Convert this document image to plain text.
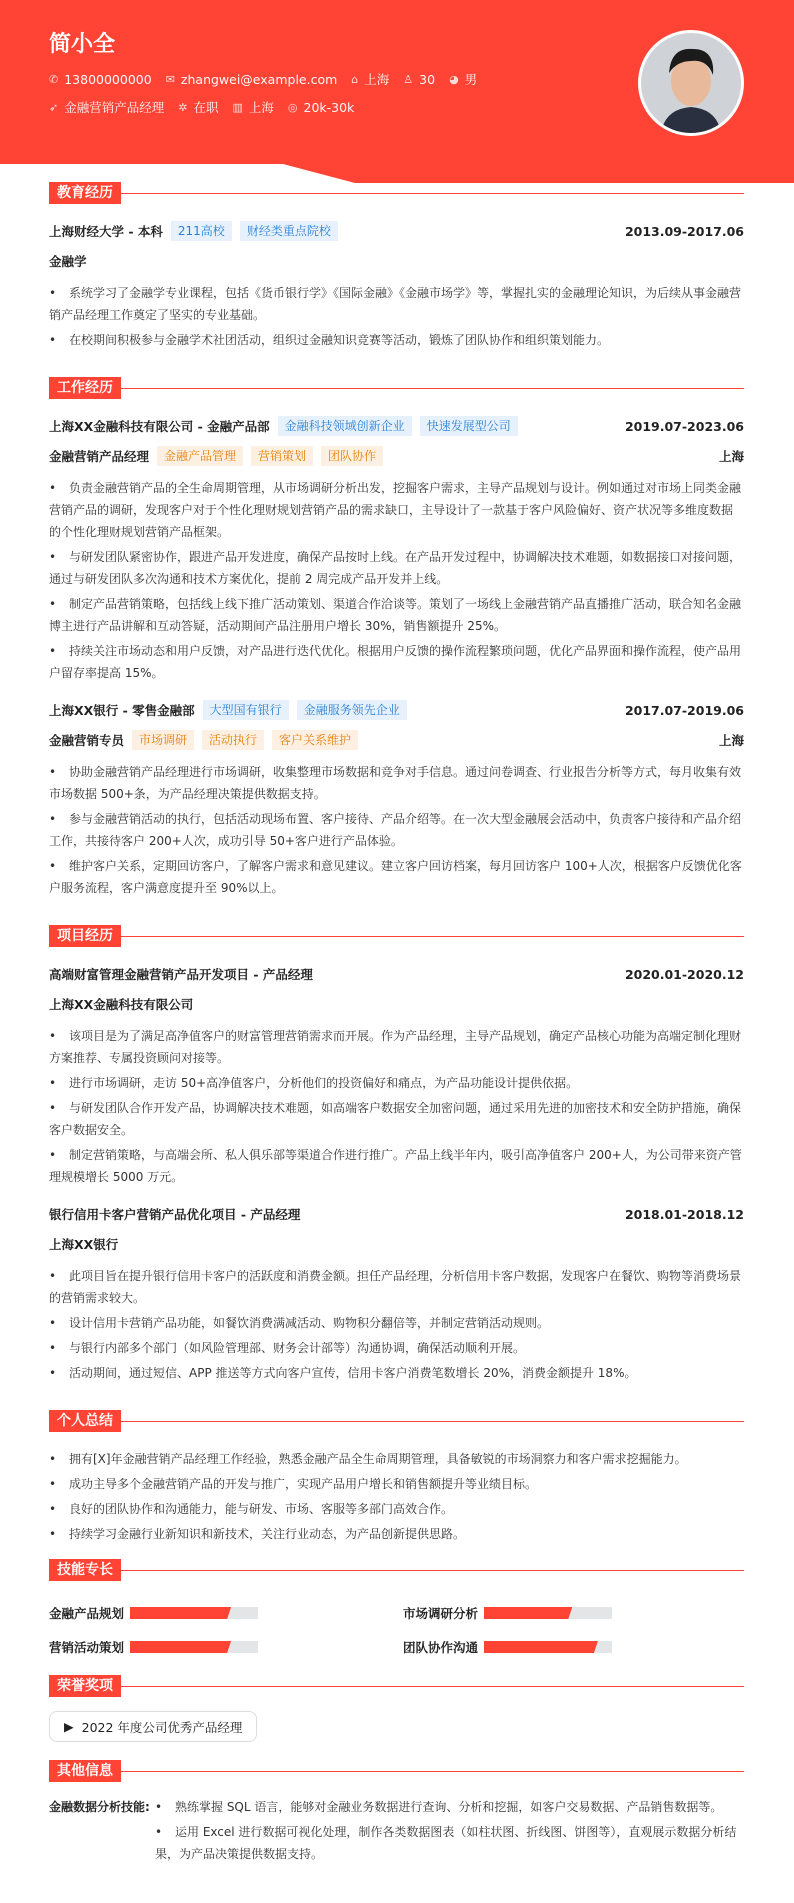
简小全
✆ 13800000000 ✉ zhangwei@example.com ⌂ 上海 ♙ 30 ◕ 男
➶ 金融营销产品经理 ✲ 在职 ▥ 上海 ◎ 20k-30k
教育经历
上海财经大学 - 本科	211高校	财经类重点院校	2013.09-2017.06
金融学
• 系统学习了金融学专业课程，包括《货币银行学》《国际金融》《金融市场学》等，掌握扎实的金融理论知识，为后续从事金融营销产品经理工作奠定了坚实的专业基础。
• 在校期间积极参与金融学术社团活动，组织过金融知识竞赛等活动，锻炼了团队协作和组织策划能力。
工作经历
上海XX金融科技有限公司 - 金融产品部	金融科技领域创新企业	快速发展型公司	2019.07-2023.06
金融营销产品经理	金融产品管理	营销策划	团队协作	上海
• 负责金融营销产品的全生命周期管理，从市场调研分析出发，挖掘客户需求，主导产品规划与设计。例如通过对市场上同类金融营销产品的调研，发现客户对于个性化理财规划营销产品的需求缺口，主导设计了一款基于客户风险偏好、资产状况等多维度数据的个性化理财规划营销产品框架。
• 与研发团队紧密协作，跟进产品开发进度，确保产品按时上线。在产品开发过程中，协调解决技术难题，如数据接口对接问题，通过与研发团队多次沟通和技术方案优化，提前 2 周完成产品开发并上线。
• 制定产品营销策略，包括线上线下推广活动策划、渠道合作洽谈等。策划了一场线上金融营销产品直播推广活动，联合知名金融博主进行产品讲解和互动答疑，活动期间产品注册用户增长 30%，销售额提升 25%。
• 持续关注市场动态和用户反馈，对产品进行迭代优化。根据用户反馈的操作流程繁琐问题，优化产品界面和操作流程，使产品用户留存率提高 15%。
上海XX银行 - 零售金融部	大型国有银行	金融服务领先企业	2017.07-2019.06
金融营销专员	市场调研	活动执行	客户关系维护	上海
• 协助金融营销产品经理进行市场调研，收集整理市场数据和竞争对手信息。通过问卷调查、行业报告分析等方式，每月收集有效市场数据 500+条，为产品经理决策提供数据支持。
• 参与金融营销活动的执行，包括活动现场布置、客户接待、产品介绍等。在一次大型金融展会活动中，负责客户接待和产品介绍工作，共接待客户 200+人次，成功引导 50+客户进行产品体验。
• 维护客户关系，定期回访客户，了解客户需求和意见建议。建立客户回访档案，每月回访客户 100+人次，根据客户反馈优化客户服务流程，客户满意度提升至 90%以上。
项目经历
高端财富管理金融营销产品开发项目 - 产品经理	2020.01-2020.12
上海XX金融科技有限公司
• 该项目是为了满足高净值客户的财富管理营销需求而开展。作为产品经理，主导产品规划，确定产品核心功能为高端定制化理财方案推荐、专属投资顾问对接等。
• 进行市场调研，走访 50+高净值客户，分析他们的投资偏好和痛点，为产品功能设计提供依据。
• 与研发团队合作开发产品，协调解决技术难题，如高端客户数据安全加密问题，通过采用先进的加密技术和安全防护措施，确保客户数据安全。
• 制定营销策略，与高端会所、私人俱乐部等渠道合作进行推广。产品上线半年内，吸引高净值客户 200+人，为公司带来资产管理规模增长 5000 万元。
银行信用卡客户营销产品优化项目 - 产品经理	2018.01-2018.12
上海XX银行
• 此项目旨在提升银行信用卡客户的活跃度和消费金额。担任产品经理，分析信用卡客户数据，发现客户在餐饮、购物等消费场景的营销需求较大。
• 设计信用卡营销产品功能，如餐饮消费满减活动、购物积分翻倍等，并制定营销活动规则。
• 与银行内部多个部门（如风险管理部、财务会计部等）沟通协调，确保活动顺利开展。
• 活动期间，通过短信、APP 推送等方式向客户宣传，信用卡客户消费笔数增长 20%，消费金额提升 18%。
个人总结
• 拥有[X]年金融营销产品经理工作经验，熟悉金融产品全生命周期管理，具备敏锐的市场洞察力和客户需求挖掘能力。
• 成功主导多个金融营销产品的开发与推广，实现产品用户增长和销售额提升等业绩目标。
• 良好的团队协作和沟通能力，能与研发、市场、客服等多部门高效合作。
• 持续学习金融行业新知识和新技术，关注行业动态，为产品创新提供思路。
技能专长
金融产品规划	市场调研分析
营销活动策划	团队协作沟通
荣誉奖项
▶ 2022 年度公司优秀产品经理
其他信息
金融数据分析技能:	• 熟练掌握 SQL 语言，能够对金融业务数据进行查询、分析和挖掘，如客户交易数据、产品销售数据等。
• 运用 Excel 进行数据可视化处理，制作各类数据图表（如柱状图、折线图、饼图等），直观展示数据分析结果，为产品决策提供数据支持。
